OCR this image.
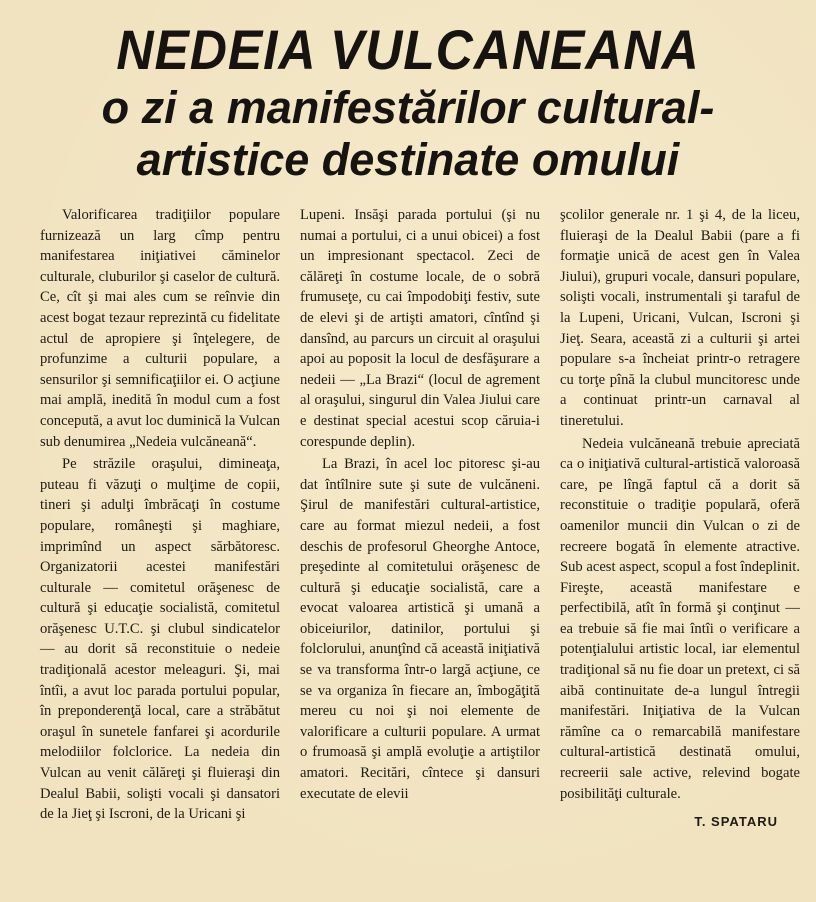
NEDEIA VULCANEANA
o zi a manifestărilor cultural-
artistice destinate omului

Valorificarea tradiţiilor populare furnizează un larg cîmp pentru manifestarea iniţiativei căminelor culturale, cluburilor şi caselor de cultură. Ce, cît şi mai ales cum se reînvie din acest bogat tezaur reprezintă cu fidelitate actul de apropiere şi înţelegere, de profunzime a culturii populare, a sensurilor şi semnificaţiilor ei. O acţiune mai amplă, inedită în modul cum a fost concepută, a avut loc duminică la Vulcan sub denumirea „Nedeia vulcăneană“.

Pe străzile oraşului, dimineaţa, puteau fi văzuţi o mulţime de copii, tineri şi adulţi îmbrăcaţi în costume populare, româneşti şi maghiare, imprimînd un aspect sărbătoresc. Organizatorii acestei manifestări culturale — comitetul orăşenesc de cultură şi educaţie socialistă, comitetul orăşenesc U.T.C. şi clubul sindicatelor — au dorit să reconstituie o nedeie tradiţională acestor meleaguri. Şi, mai întîi, a avut loc parada portului popular, în preponderenţă local, care a străbătut oraşul în sunetele fanfarei şi acordurile melodiilor folclorice. La nedeia din Vulcan au venit călăreţi şi fluieraşi din Dealul Babii, solişti vocali şi dansatori de la Jieţ şi Iscroni, de la Uricani şi

Lupeni. Insăşi parada portului (şi nu numai a portului, ci a unui obicei) a fost un impresionant spectacol. Zeci de călăreţi în costume locale, de o sobră frumuseţe, cu cai împodobiţi festiv, sute de elevi şi de artişti amatori, cîntînd şi dansînd, au parcurs un circuit al oraşului apoi au poposit la locul de desfăşurare a nedeii — „La Brazi“ (locul de agrement al oraşului, singurul din Valea Jiului care e destinat special acestui scop căruia-i corespunde deplin).

La Brazi, în acel loc pitoresc şi-au dat întîlnire sute şi sute de vulcăneni. Şirul de manifestări cultural-artistice, care au format miezul nedeii, a fost deschis de profesorul Gheorghe Antoce, preşedinte al comitetului orăşenesc de cultură şi educaţie socialistă, care a evocat valoarea artistică şi umană a obiceiurilor, datinilor, portului şi folclorului, anunţînd că această iniţiativă se va transforma într-o largă acţiune, ce se va organiza în fiecare an, îmbogăţită mereu cu noi şi noi elemente de valorificare a culturii populare. A urmat o frumoasă şi amplă evoluţie a artiştilor amatori. Recitări, cîntece şi dansuri executate de elevii

şcolilor generale nr. 1 şi 4, de la liceu, fluieraşi de la Dealul Babii (pare a fi formaţie unică de acest gen în Valea Jiului), grupuri vocale, dansuri populare, solişti vocali, instrumentali şi taraful de la Lupeni, Uricani, Vulcan, Iscroni şi Jieţ. Seara, această zi a culturii şi artei populare s-a încheiat printr-o retragere cu torţe pînă la clubul muncitoresc unde a continuat printr-un carnaval al tineretului.

Nedeia vulcăneană trebuie apreciată ca o iniţiativă cultural-artistică valoroasă care, pe lîngă faptul că a dorit să reconstituie o tradiţie populară, oferă oamenilor muncii din Vulcan o zi de recreere bogată în elemente atractive. Sub acest aspect, scopul a fost îndeplinit. Fireşte, această manifestare e perfectibilă, atît în formă şi conţinut — ea trebuie să fie mai întîi o verificare a potenţialului artistic local, iar elementul tradiţional să nu fie doar un pretext, ci să aibă continuitate de-a lungul întregii manifestări. Iniţiativa de la Vulcan rămîne ca o remarcabilă manifestare cultural-artistică destinată omului, recreerii sale active, relevind bogate posibilităţi culturale.

T. SPATARU
